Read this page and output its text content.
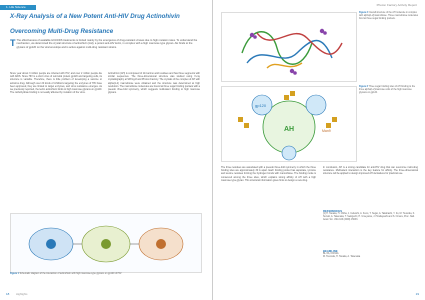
1. Life Science
X-Ray Analysis of a New Potent Anti-HIV Drug Actinohivin
Overcoming Multi-Drug Resistance
T The effectiveness of available HIV/AIDS treatments is limited mainly by the emergence of drug-resistant viruses due to high mutation rates. To understand the mechanism, we determined the crystal structure of actinohivin (AH), a potent anti-HIV lectin, in complex with a high mannose type glycan. AH binds to the glycans of gp120 on the viral envelope and is active against multi-drug resistant strains.
Since year about 3 million people are infected with HIV, and over 2 million people die with AIDS. Since HIV is a short virus of retroviral protein gp120 and targeting cells, its structure is variable. Therefore, there is little problem of developing a vaccine or antivirus drug. Although over 20 kinds of inhibitors targeting the enzymes of HIV have been approved, they are limited to target enzymes, and virus resistance emerges. As we previously reported, the lectin actinohivin binds to high mannose glycans on gp120. The carbohydrate binding is not easily affected by mutation of the virus.
Actinohivin (AH) is composed of 114 amino acid residues and has three segments with similar sequences. The three-dimensional structure was studied using X-ray crystallography at SPring-8 and Photon Factory. The crystals of the complex of AH with alpha(1-2) mannobiose were obtained and the structure was determined at high resolution. The mannobiose molecules are bound at three sugar binding pockets with a pseudo three-fold symmetry, which suggests multivalent binding to high mannose glycans.
Figure 1 Schematic diagram of the interaction of actinohivin with high mannose-type glycans on gp120 of HIV.
18	Highlights
Photon Factory Activity Report
Figure 2 Overall structure of the AH molecule in complex with alpha(1-2)mannobiose. Three mannobiose molecules bind at three sugar binding pockets.
AH
gp120
Man9
Figure 3 Three sugar binding sites of AH binding to the three alpha(1-2)mannose units of the high mannose glycans on gp120.
The three residues are associated with a pseudo three-fold symmetry in which the three binding sites are approximately 30 Å apart. Each binding pocket has aspartate, tyrosine and leucine residues forming the hydrogen bonds with mannobiose. The binding mode is conserved among the three sites, which explains strong affinity of AH with a high mannose type glycan. This structural information gives hints to design a new drug.
In conclusion, AH is a strong candidate for anti-HIV drug that can overcome multi-drug resistance. Multivalent interaction is the key feature for affinity. The three-dimensional structure will be applied to design improved AH derivatives for practical use.
REFERENCES
[1] H. Tanaka, H. Chiba, J. Inokoshi, A. Kuno, T. Sugai, A. Takahashi, Y. Ito, M. Tsunoda, K. Suzuki, A. Takenaka, T. Sekiguchi, H. Umeyama, J. Hirabayashi and S. Omura, Proc. Natl. Acad. Sci. USA 106 (2009) 15633.
BEAMLINE
BL-5A, NW12A
M. Tsunoda, H. Tanaka, A. Takenaka
19
